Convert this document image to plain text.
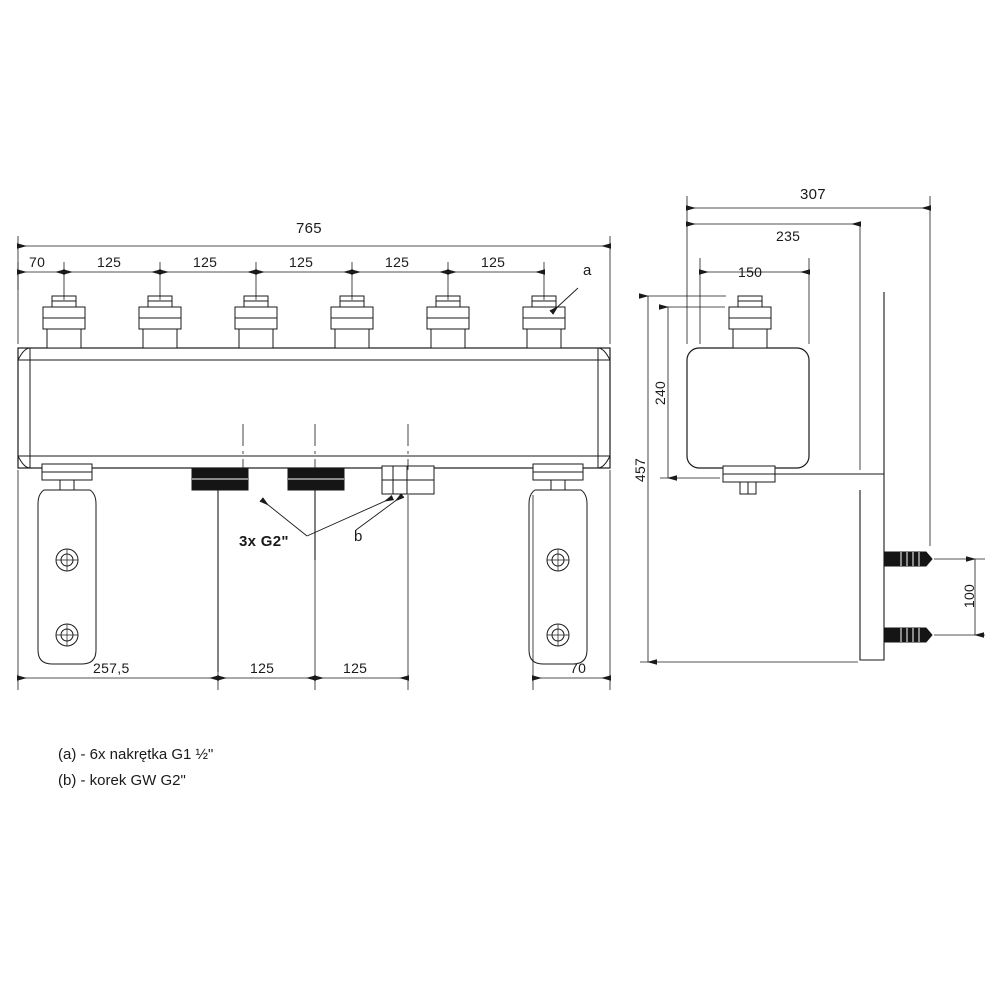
765
70	125	125	125	125	125
257,5	125	125	70
a
b
3x G2"
307
235
150
240
457
100
(a) - 6x nakrętka G1 ½"
(b) - korek GW G2"
